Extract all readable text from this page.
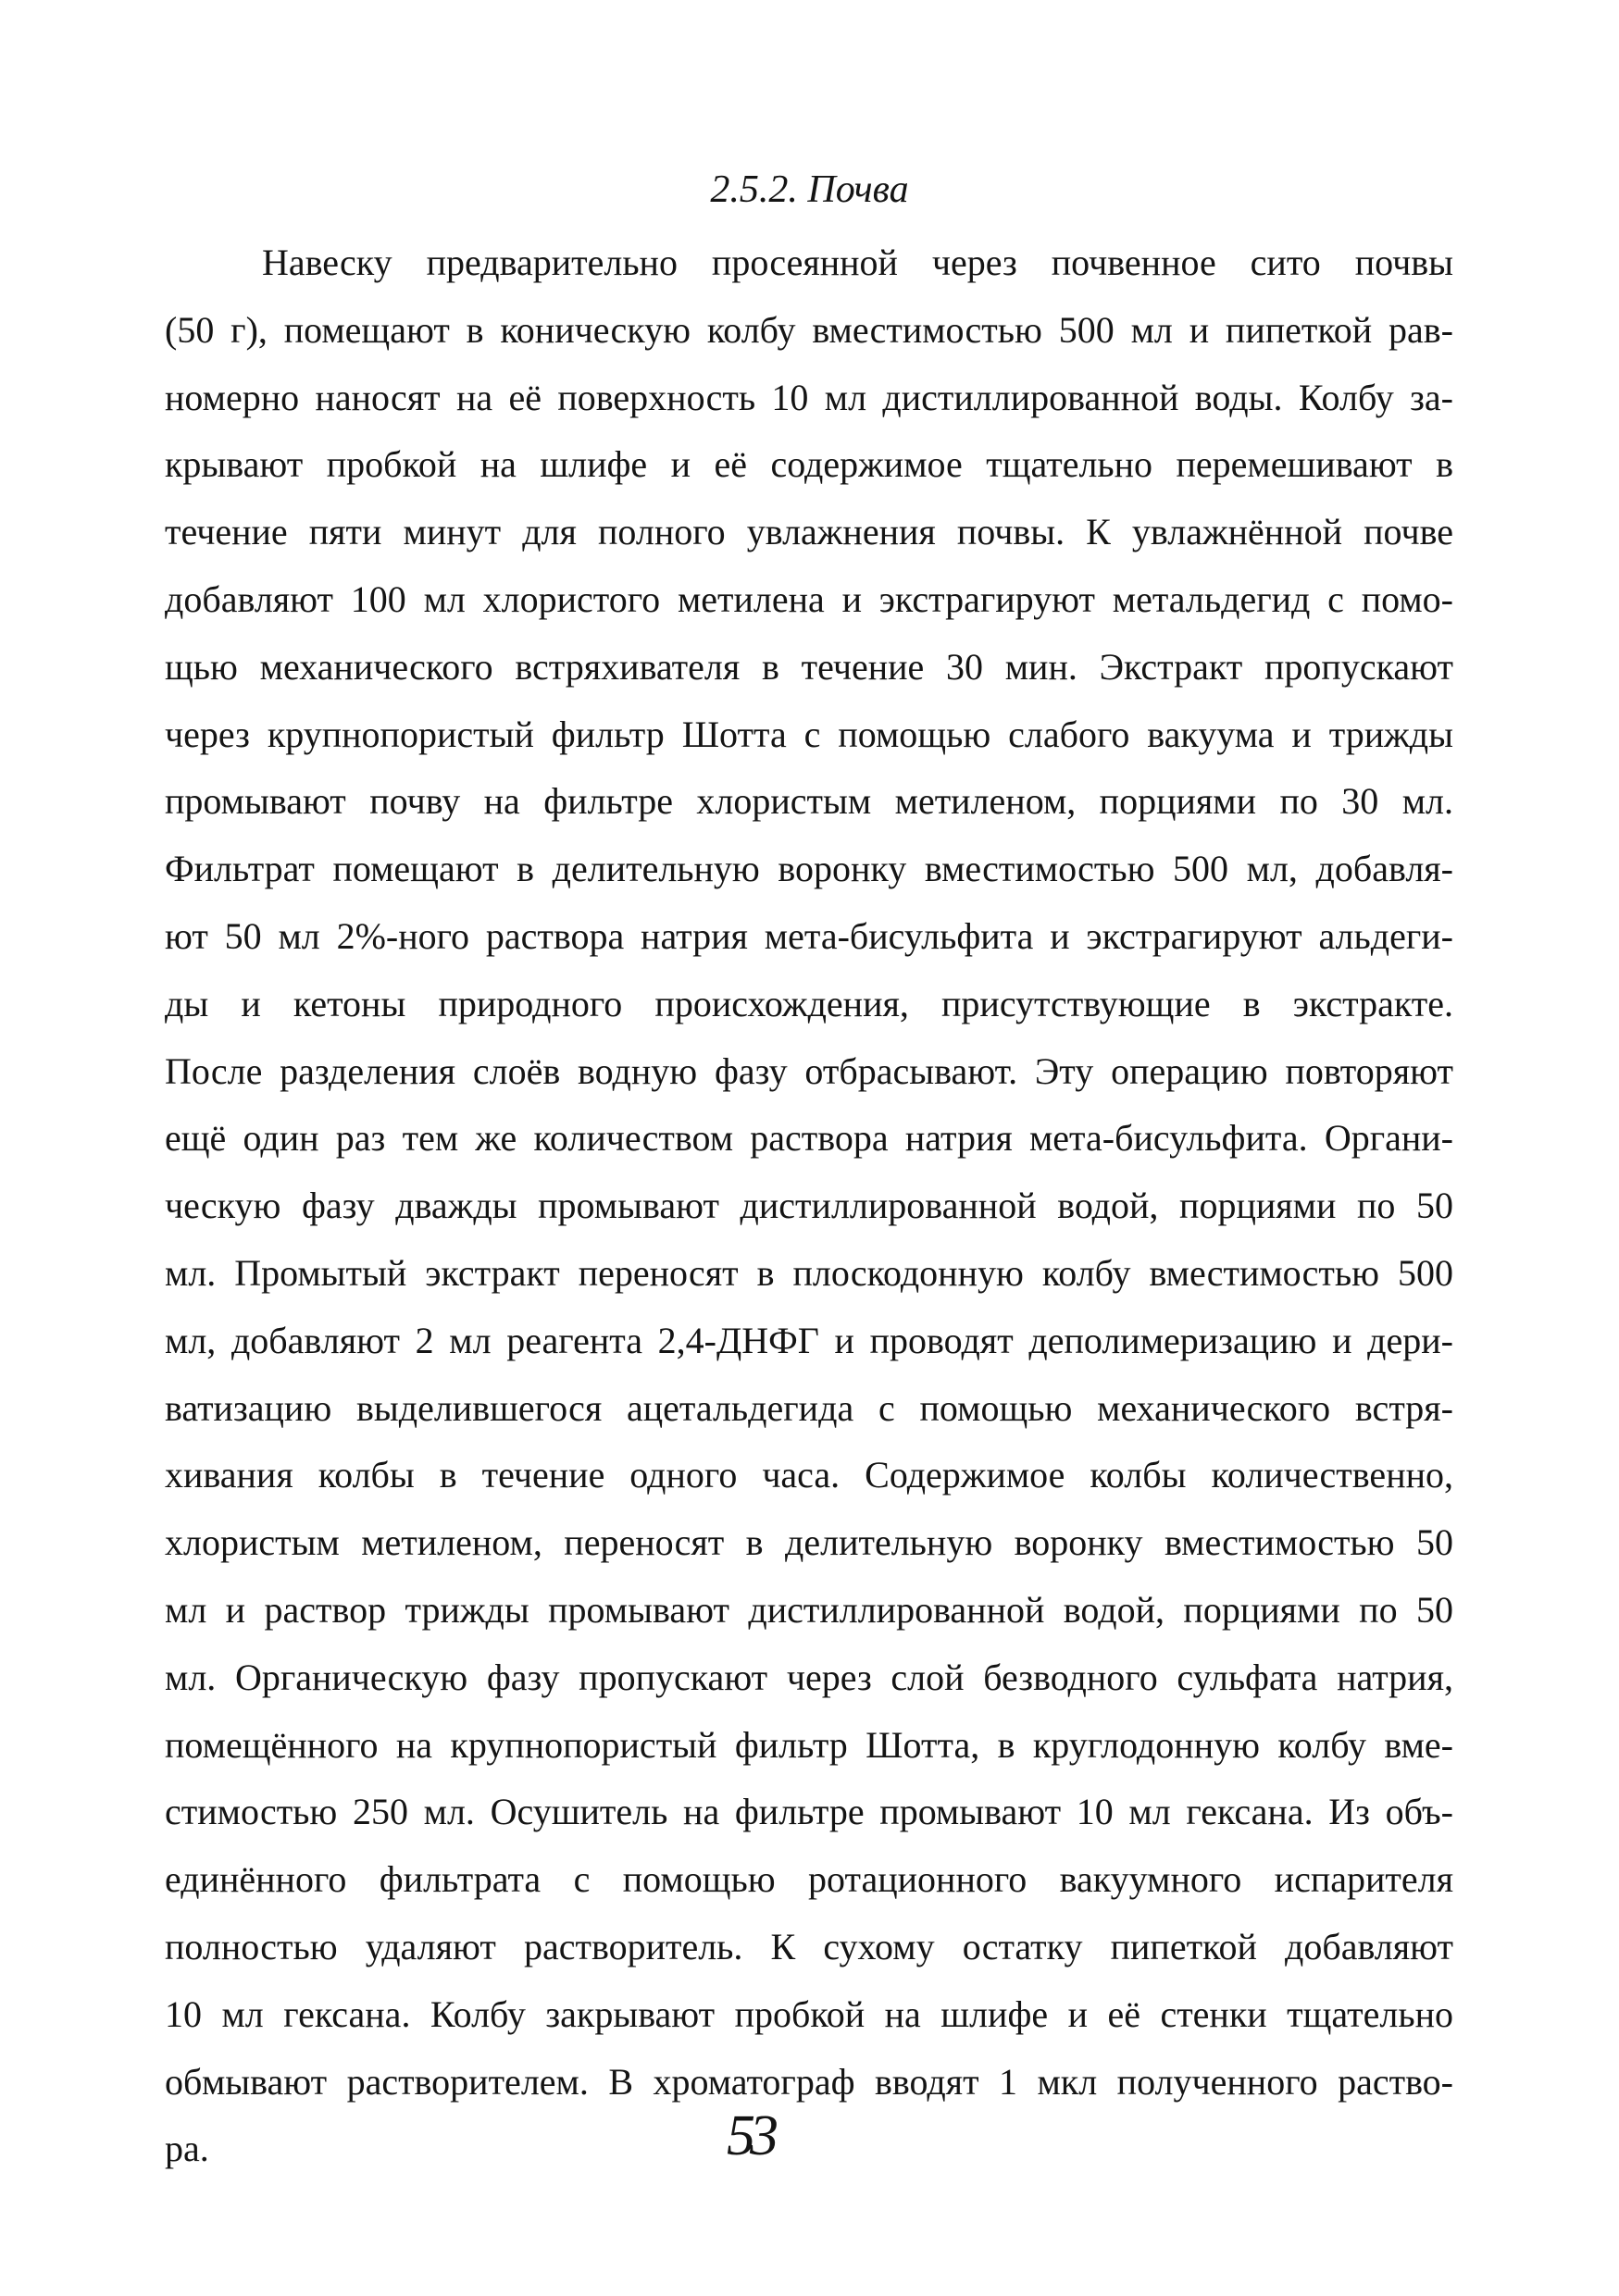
2.5.2. Почва

Навеску предварительно просеянной через почвенное сито почвы
(50 г), помещают в коническую колбу вместимостью 500 мл и пипеткой рав-
номерно наносят на её поверхность 10 мл дистиллированной воды. Колбу за-
крывают пробкой на шлифе и её содержимое тщательно перемешивают в
течение пяти минут для полного увлажнения почвы. К увлажнённой почве
добавляют 100 мл хлористого метилена и экстрагируют метальдегид с помо-
щью механического встряхивателя в течение 30 мин. Экстракт пропускают
через крупнопористый фильтр Шотта с помощью слабого вакуума и трижды
промывают почву на фильтре хлористым метиленом, порциями по 30 мл.
Фильтрат помещают в делительную воронку вместимостью 500 мл, добавля-
ют 50 мл 2%-ного раствора натрия мета-бисульфита и экстрагируют альдеги-
ды и кетоны природного происхождения, присутствующие в экстракте.
После разделения слоёв водную фазу отбрасывают. Эту операцию повторяют
ещё один раз тем же количеством раствора натрия мета-бисульфита. Органи-
ческую фазу дважды промывают дистиллированной водой, порциями по 50
мл. Промытый экстракт переносят в плоскодонную колбу вместимостью 500
мл, добавляют 2 мл реагента 2,4-ДНФГ и проводят деполимеризацию и дери-
ватизацию выделившегося ацетальдегида с помощью механического встря-
хивания колбы в течение одного часа. Содержимое колбы количественно,
хлористым метиленом, переносят в делительную воронку вместимостью 50
мл и раствор трижды промывают дистиллированной водой, порциями по 50
мл. Органическую фазу пропускают через слой безводного сульфата натрия,
помещённого на крупнопористый фильтр Шотта, в круглодонную колбу вме-
стимостью 250 мл. Осушитель на фильтре промывают 10 мл гексана. Из объ-
единённого фильтрата с помощью ротационного вакуумного испарителя
полностью удаляют растворитель. К сухому остатку пипеткой добавляют
10 мл гексана. Колбу закрывают пробкой на шлифе и её стенки тщательно
обмывают растворителем. В хроматограф вводят 1 мкл полученного раство-
ра.	53
